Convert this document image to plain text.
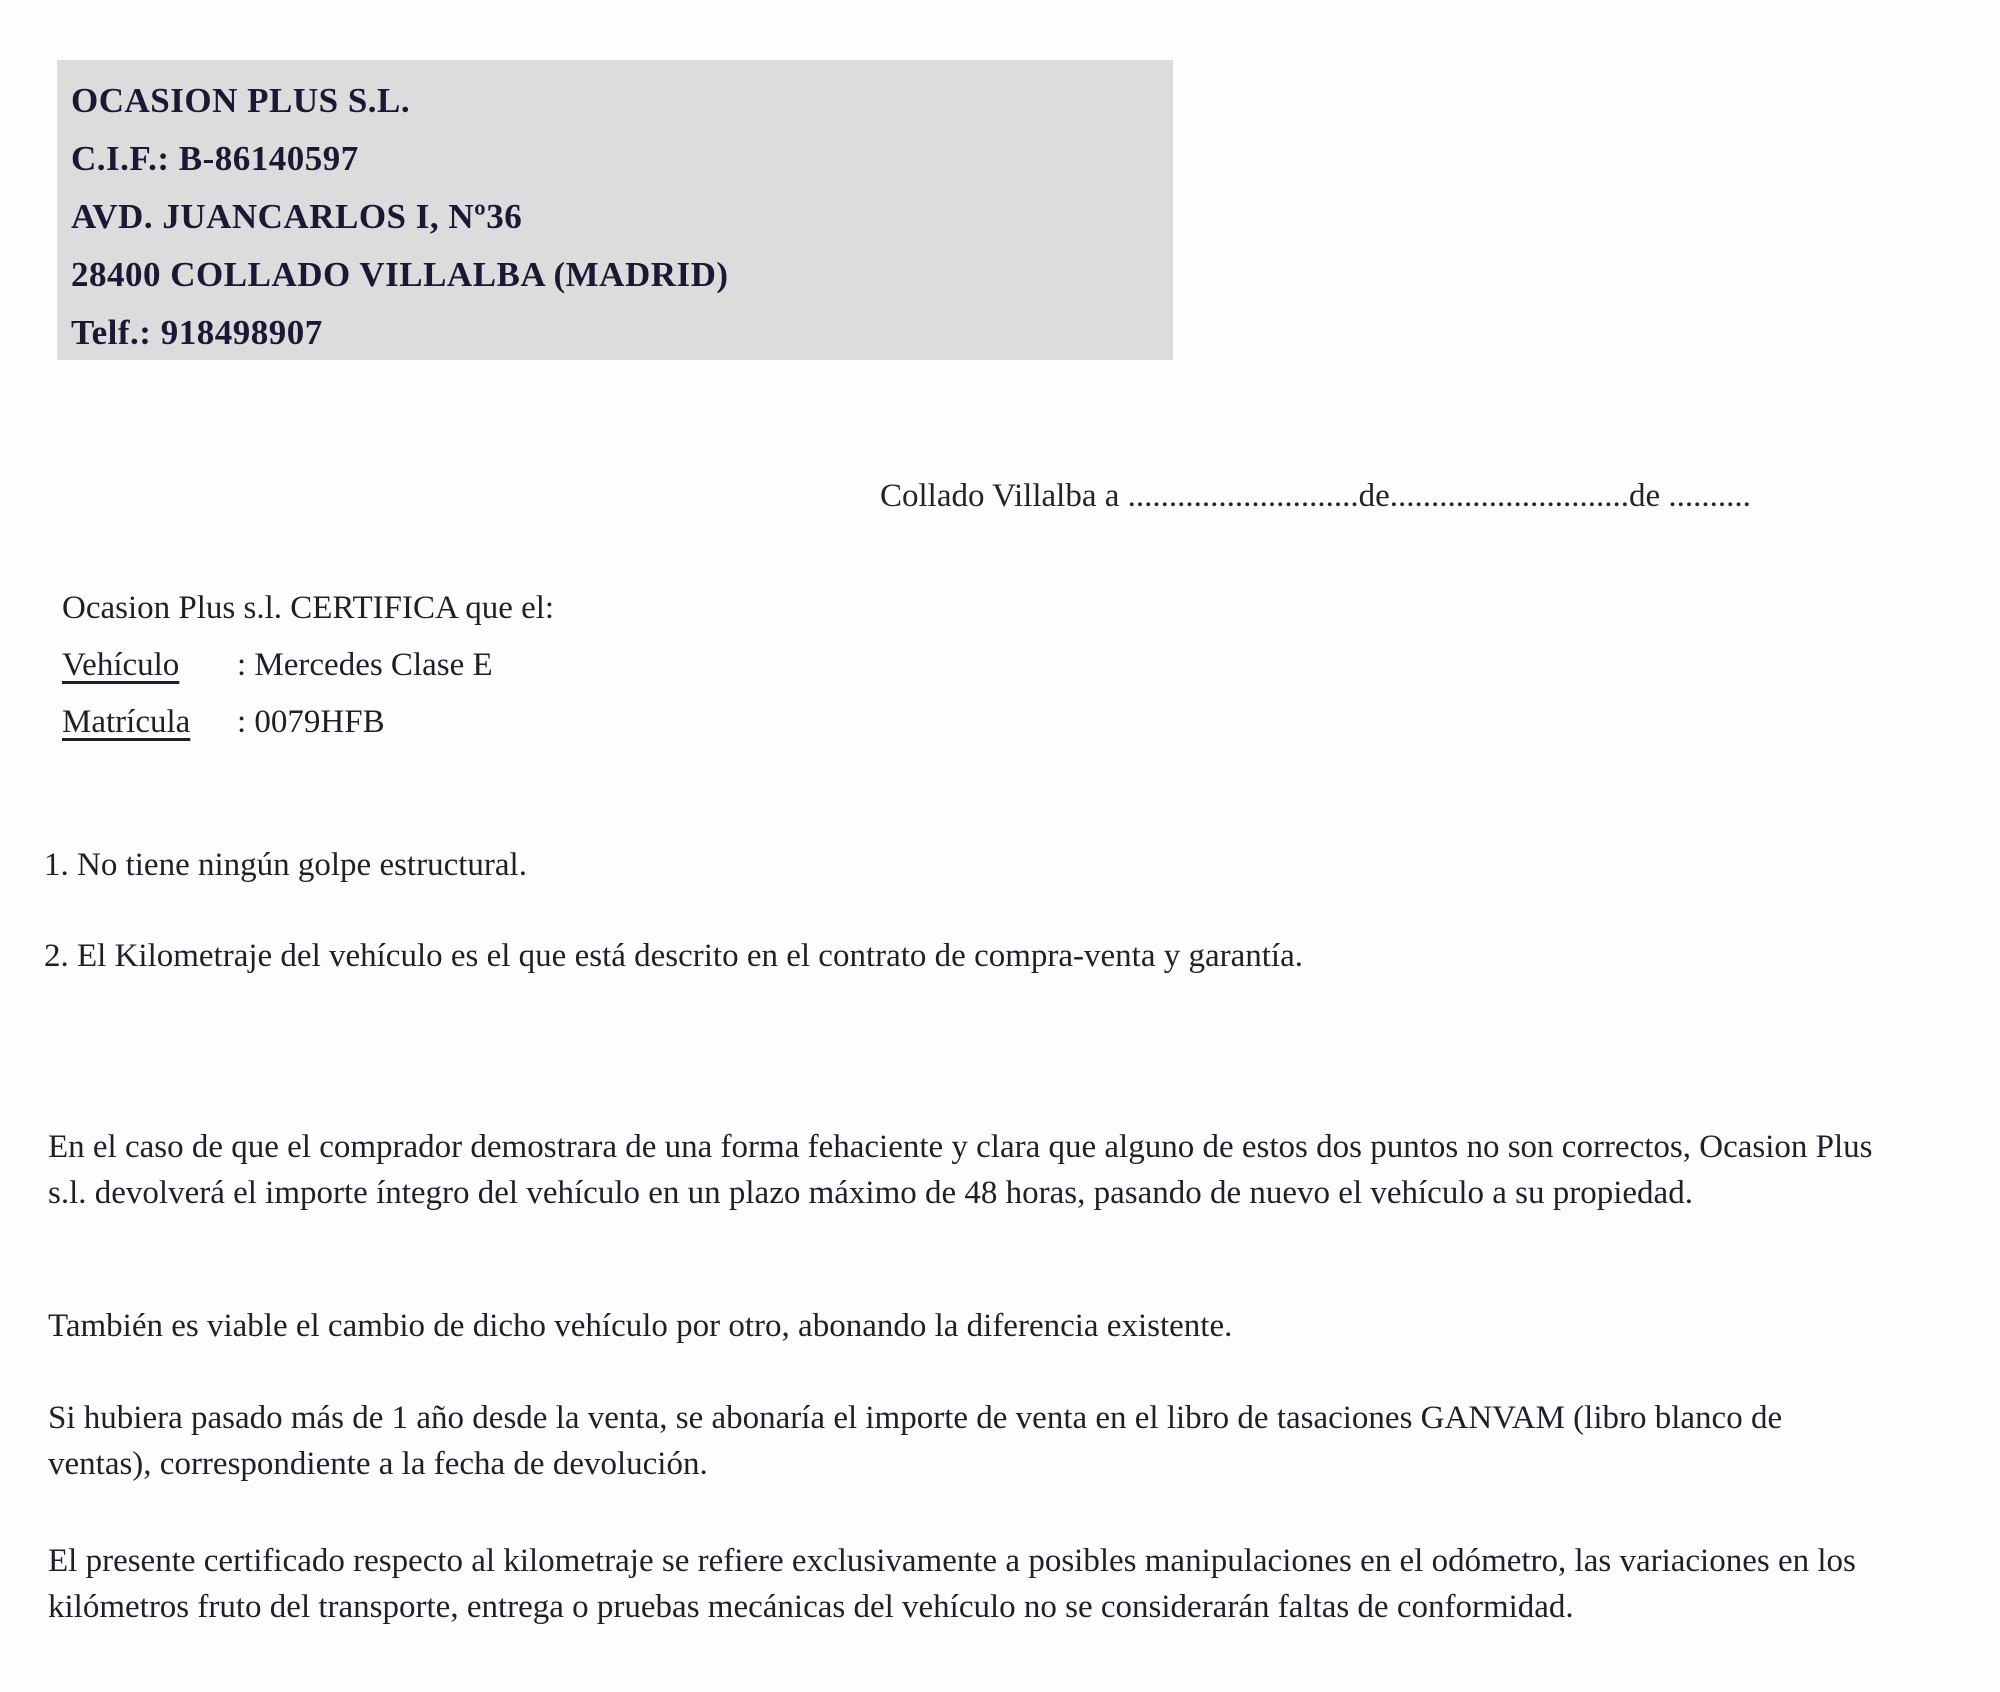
OCASION PLUS S.L.
C.I.F.: B-86140597
AVD. JUANCARLOS I, Nº36
28400 COLLADO VILLALBA (MADRID)
Telf.: 918498907
Collado Villalba a ............................de.............................de ..........
Ocasion Plus s.l. CERTIFICA que el:
Vehículo : Mercedes Clase E
Matrícula : 0079HFB
1. No tiene ningún golpe estructural.
2. El Kilometraje del vehículo es el que está descrito en el contrato de compra-venta y garantía.
En el caso de que el comprador demostrara de una forma fehaciente y clara que alguno de estos dos puntos no son correctos, Ocasion Plus s.l. devolverá el importe íntegro del vehículo en un plazo máximo de 48 horas, pasando de nuevo el vehículo a su propiedad.
También es viable el cambio de dicho vehículo por otro, abonando la diferencia existente.
Si hubiera pasado más de 1 año desde la venta, se abonaría el importe de venta en el libro de tasaciones GANVAM (libro blanco de ventas), correspondiente a la fecha de devolución.
El presente certificado respecto al kilometraje se refiere exclusivamente a posibles manipulaciones en el odómetro, las variaciones en los kilómetros fruto del transporte, entrega o pruebas mecánicas del vehículo no se considerarán faltas de conformidad.
